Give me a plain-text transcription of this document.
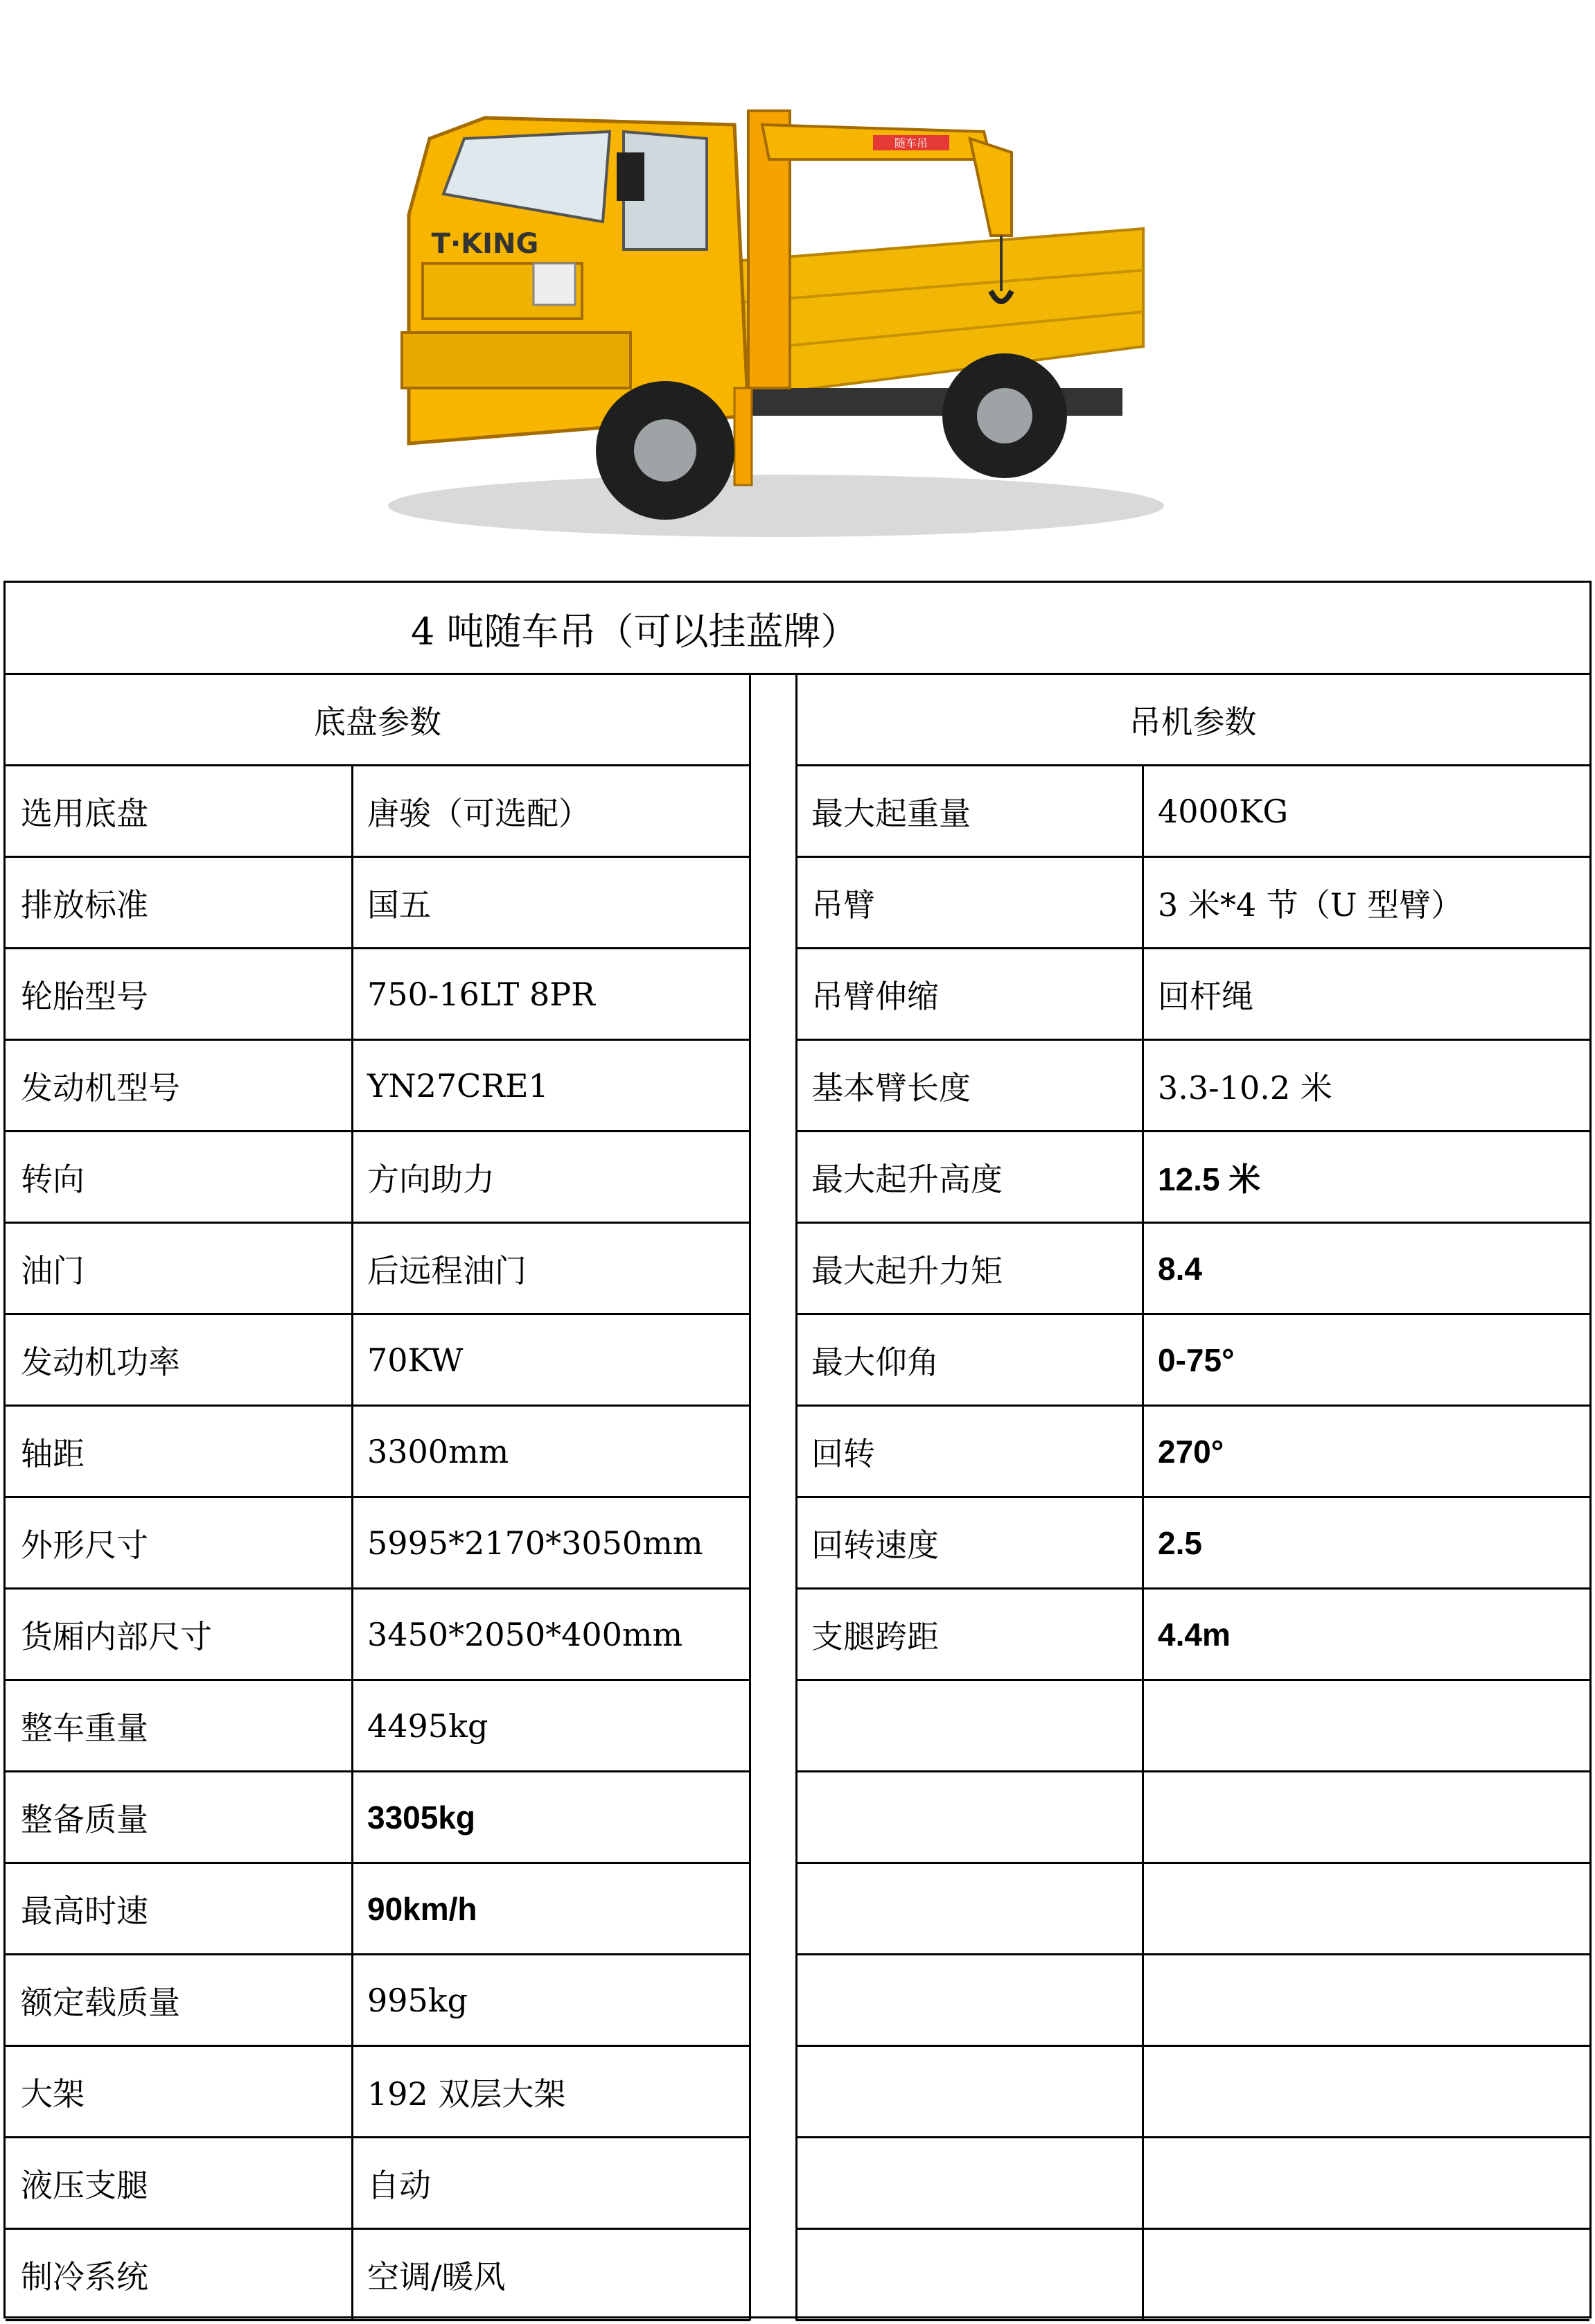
随车吊
T·KING
4 吨随车吊（可以挂蓝牌）
底盘参数	吊机参数
选用底盘	唐骏（可选配）	最大起重量	4000KG
排放标准	国五	吊臂	3 米*4 节（U 型臂）
轮胎型号	750-16LT 8PR	吊臂伸缩	回杆绳
发动机型号	YN27CRE1	基本臂长度	3.3-10.2 米
转向	方向助力	最大起升高度	12.5 米
油门	后远程油门	最大起升力矩	8.4
发动机功率	70KW	最大仰角	0-75°
轴距	3300mm	回转	270°
外形尺寸	5995*2170*3050mm	回转速度	2.5
货厢内部尺寸	3450*2050*400mm	支腿跨距	4.4m
整车重量	4495kg
整备质量	3305kg
最高时速	90km/h
额定载质量	995kg
大架	192 双层大架
液压支腿	自动
制冷系统	空调/暖风
